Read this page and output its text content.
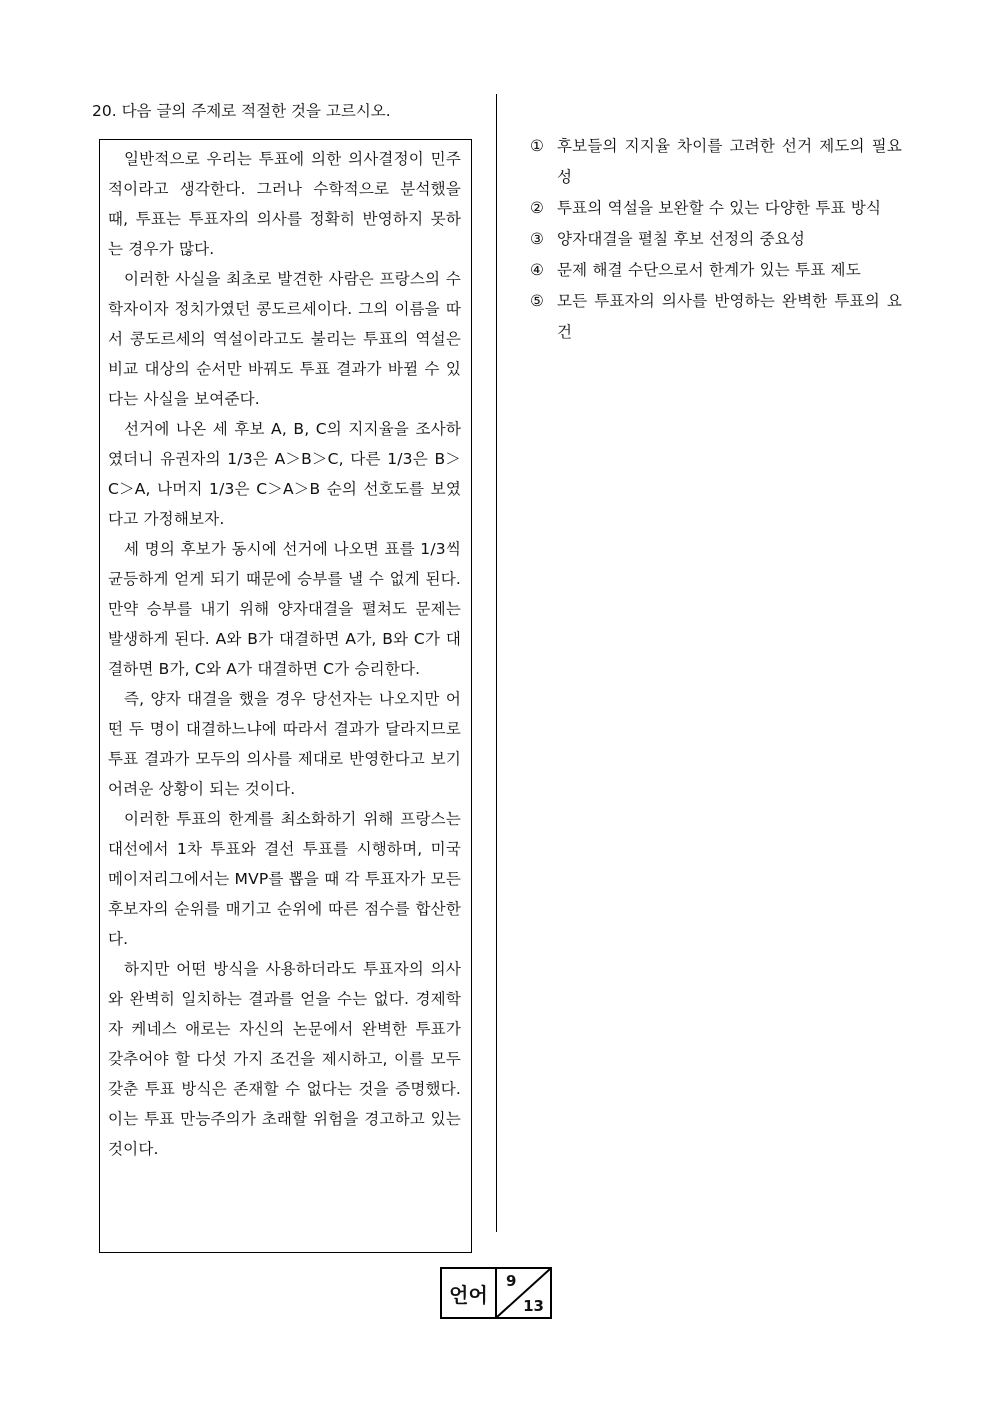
20. 다음 글의 주제로 적절한 것을 고르시오.

일반적으로 우리는 투표에 의한 의사결정이 민주적이라고 생각한다. 그러나 수학적으로 분석했을 때, 투표는 투표자의 의사를 정확히 반영하지 못하는 경우가 많다.

이러한 사실을 최초로 발견한 사람은 프랑스의 수학자이자 정치가였던 콩도르세이다. 그의 이름을 따서 콩도르세의 역설이라고도 불리는 투표의 역설은 비교 대상의 순서만 바꿔도 투표 결과가 바뀔 수 있다는 사실을 보여준다.

선거에 나온 세 후보 A, B, C의 지지율을 조사하였더니 유권자의 1/3은 A＞B＞C, 다른 1/3은 B＞C＞A, 나머지 1/3은 C＞A＞B 순의 선호도를 보였다고 가정해보자.

세 명의 후보가 동시에 선거에 나오면 표를 1/3씩 균등하게 얻게 되기 때문에 승부를 낼 수 없게 된다. 만약 승부를 내기 위해 양자대결을 펼쳐도 문제는 발생하게 된다. A와 B가 대결하면 A가, B와 C가 대결하면 B가, C와 A가 대결하면 C가 승리한다.

즉, 양자 대결을 했을 경우 당선자는 나오지만 어떤 두 명이 대결하느냐에 따라서 결과가 달라지므로 투표 결과가 모두의 의사를 제대로 반영한다고 보기 어려운 상황이 되는 것이다.

이러한 투표의 한계를 최소화하기 위해 프랑스는 대선에서 1차 투표와 결선 투표를 시행하며, 미국 메이저리그에서는 MVP를 뽑을 때 각 투표자가 모든 후보자의 순위를 매기고 순위에 따른 점수를 합산한다.

하지만 어떤 방식을 사용하더라도 투표자의 의사와 완벽히 일치하는 결과를 얻을 수는 없다. 경제학자 케네스 애로는 자신의 논문에서 완벽한 투표가 갖추어야 할 다섯 가지 조건을 제시하고, 이를 모두 갖춘 투표 방식은 존재할 수 없다는 것을 증명했다. 이는 투표 만능주의가 초래할 위험을 경고하고 있는 것이다.

① 후보들의 지지율 차이를 고려한 선거 제도의 필요성
② 투표의 역설을 보완할 수 있는 다양한 투표 방식
③ 양자대결을 펼칠 후보 선정의 중요성
④ 문제 해결 수단으로서 한계가 있는 투표 제도
⑤ 모든 투표자의 의사를 반영하는 완벽한 투표의 요건
언어
9
13
